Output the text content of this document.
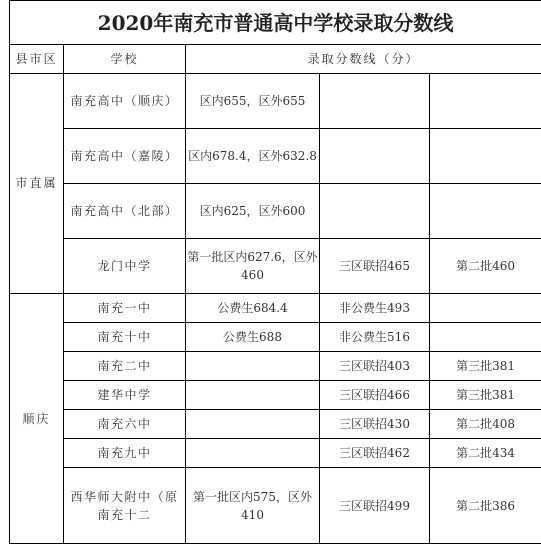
2020年南充市普通高中学校录取分数线				
县市区	学校	录取分数线（分）		
市直属	南充高中（顺庆）	区内655，区外655		
	南充高中（嘉陵）	区内678.4，区外632.8		
	南充高中（北部）	区内625，区外600		
	龙门中学	第一批区内627.6，区外460	三区联招465	第二批460
顺庆	南充一中	公费生684.4	非公费生493	
	南充十中	公费生688	非公费生516	
	南充二中		三区联招403	第三批381
	建华中学		三区联招466	第三批381
	南充六中		三区联招430	第二批408
	南充九中		三区联招462	第二批434
	西华师大附中（原南充十二	第一批区内575，区外410	三区联招499	第二批386
